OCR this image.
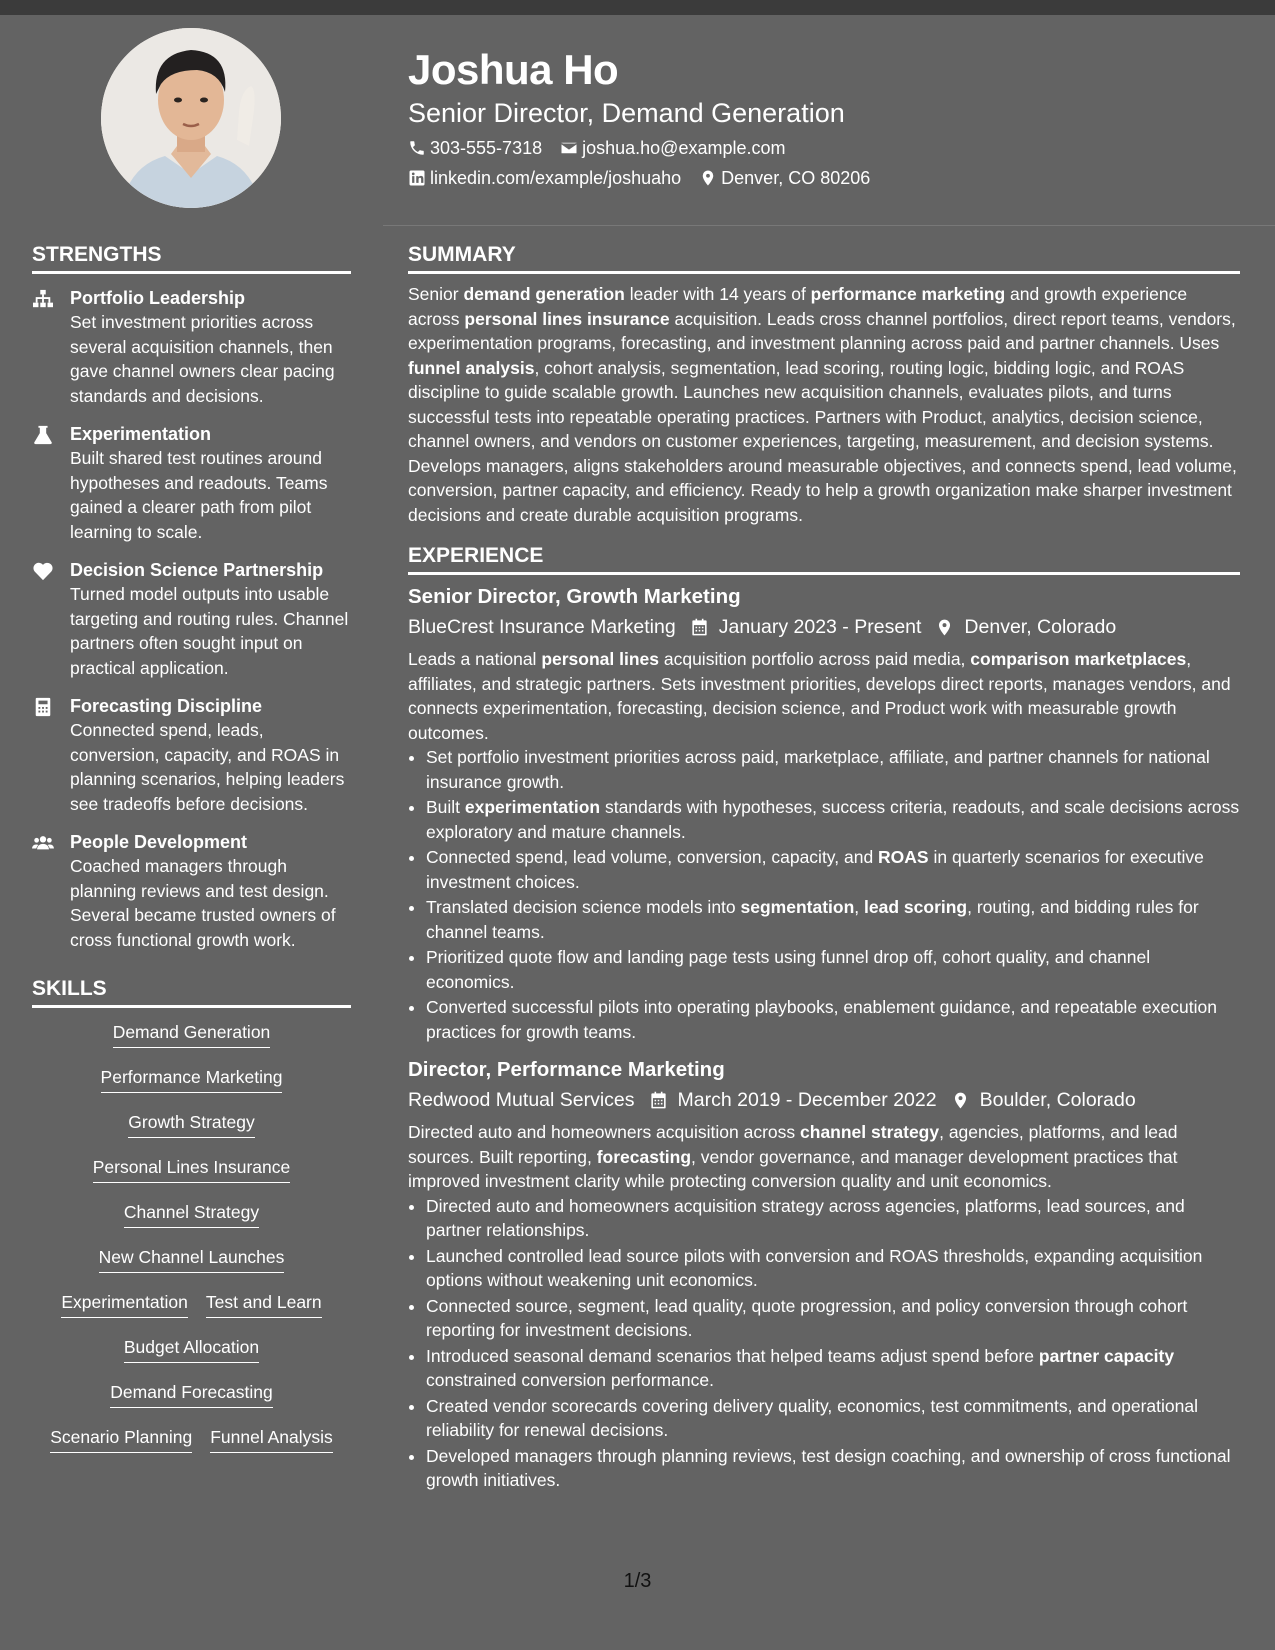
Joshua Ho
Senior Director, Demand Generation
303-555-7318 joshua.ho@example.com
linkedin.com/example/joshuaho Denver, CO 80206
STRENGTHS
Portfolio Leadership
Set investment priorities across several acquisition channels, then gave channel owners clear pacing standards and decisions.
Experimentation
Built shared test routines around hypotheses and readouts. Teams gained a clearer path from pilot learning to scale.
Decision Science Partnership
Turned model outputs into usable targeting and routing rules. Channel partners often sought input on practical application.
Forecasting Discipline
Connected spend, leads, conversion, capacity, and ROAS in planning scenarios, helping leaders see tradeoffs before decisions.
People Development
Coached managers through planning reviews and test design. Several became trusted owners of cross functional growth work.
SKILLS
Demand Generation
Performance Marketing
Growth Strategy
Personal Lines Insurance
Channel Strategy
New Channel Launches
Experimentation Test and Learn
Budget Allocation
Demand Forecasting
Scenario Planning Funnel Analysis
SUMMARY

Senior demand generation leader with 14 years of performance marketing and growth experience across personal lines insurance acquisition. Leads cross channel portfolios, direct report teams, vendors, experimentation programs, forecasting, and investment planning across paid and partner channels. Uses funnel analysis, cohort analysis, segmentation, lead scoring, routing logic, bidding logic, and ROAS discipline to guide scalable growth. Launches new acquisition channels, evaluates pilots, and turns successful tests into repeatable operating practices. Partners with Product, analytics, decision science, channel owners, and vendors on customer experiences, targeting, measurement, and decision systems. Develops managers, aligns stakeholders around measurable objectives, and connects spend, lead volume, conversion, partner capacity, and efficiency. Ready to help a growth organization make sharper investment decisions and create durable acquisition programs.

EXPERIENCE
Senior Director, Growth Marketing
BlueCrest Insurance Marketing January 2023 - Present Denver, Colorado

Leads a national personal lines acquisition portfolio across paid media, comparison marketplaces, affiliates, and strategic partners. Sets investment priorities, develops direct reports, manages vendors, and connects experimentation, forecasting, decision science, and Product work with measurable growth outcomes.

• Set portfolio investment priorities across paid, marketplace, affiliate, and partner channels for national insurance growth.
• Built experimentation standards with hypotheses, success criteria, readouts, and scale decisions across exploratory and mature channels.
• Connected spend, lead volume, conversion, capacity, and ROAS in quarterly scenarios for executive investment choices.
• Translated decision science models into segmentation, lead scoring, routing, and bidding rules for channel teams.
• Prioritized quote flow and landing page tests using funnel drop off, cohort quality, and channel economics.
• Converted successful pilots into operating playbooks, enablement guidance, and repeatable execution practices for growth teams.
Director, Performance Marketing
Redwood Mutual Services March 2019 - December 2022 Boulder, Colorado

Directed auto and homeowners acquisition across channel strategy, agencies, platforms, and lead sources. Built reporting, forecasting, vendor governance, and manager development practices that improved investment clarity while protecting conversion quality and unit economics.

• Directed auto and homeowners acquisition strategy across agencies, platforms, lead sources, and partner relationships.
• Launched controlled lead source pilots with conversion and ROAS thresholds, expanding acquisition options without weakening unit economics.
• Connected source, segment, lead quality, quote progression, and policy conversion through cohort reporting for investment decisions.
• Introduced seasonal demand scenarios that helped teams adjust spend before partner capacity constrained conversion performance.
• Created vendor scorecards covering delivery quality, economics, test commitments, and operational reliability for renewal decisions.
• Developed managers through planning reviews, test design coaching, and ownership of cross functional growth initiatives.
1/3
